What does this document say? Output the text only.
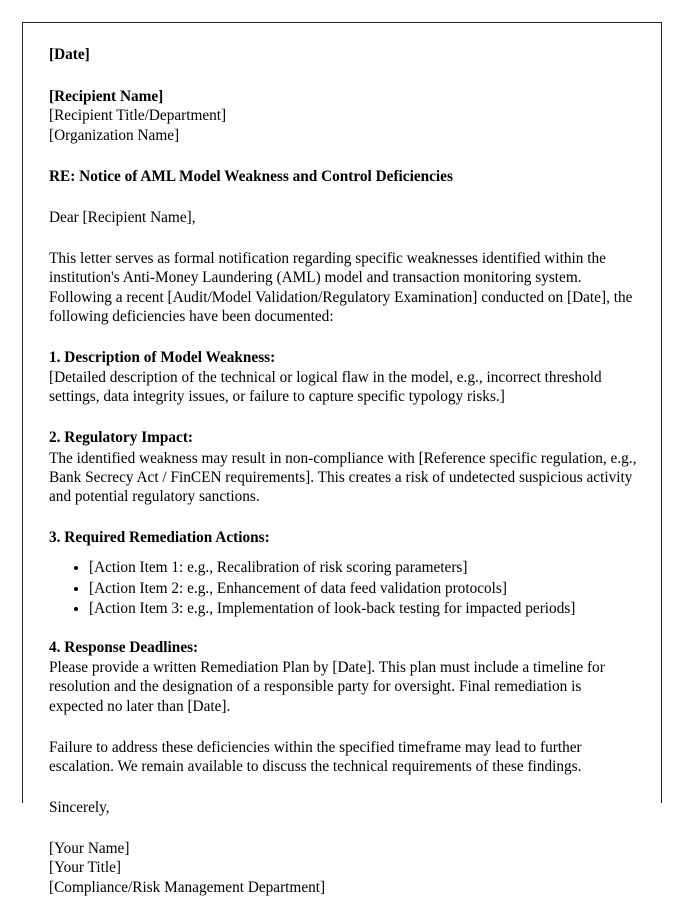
[Date]
[Recipient Name]
[Recipient Title/Department]
[Organization Name]
RE: Notice of AML Model Weakness and Control Deficiencies
Dear [Recipient Name],
This letter serves as formal notification regarding specific weaknesses identified within the institution's Anti-Money Laundering (AML) model and transaction monitoring system. Following a recent [Audit/Model Validation/Regulatory Examination] conducted on [Date], the following deficiencies have been documented:
1. Description of Model Weakness:
[Detailed description of the technical or logical flaw in the model, e.g., incorrect threshold settings, data integrity issues, or failure to capture specific typology risks.]
2. Regulatory Impact:
The identified weakness may result in non-compliance with [Reference specific regulation, e.g., Bank Secrecy Act / FinCEN requirements]. This creates a risk of undetected suspicious activity and potential regulatory sanctions.
3. Required Remediation Actions:
• [Action Item 1: e.g., Recalibration of risk scoring parameters]
• [Action Item 2: e.g., Enhancement of data feed validation protocols]
• [Action Item 3: e.g., Implementation of look-back testing for impacted periods]
4. Response Deadlines:
Please provide a written Remediation Plan by [Date]. This plan must include a timeline for resolution and the designation of a responsible party for oversight. Final remediation is expected no later than [Date].
Failure to address these deficiencies within the specified timeframe may lead to further escalation. We remain available to discuss the technical requirements of these findings.
Sincerely,
[Your Name]
[Your Title]
[Compliance/Risk Management Department]
